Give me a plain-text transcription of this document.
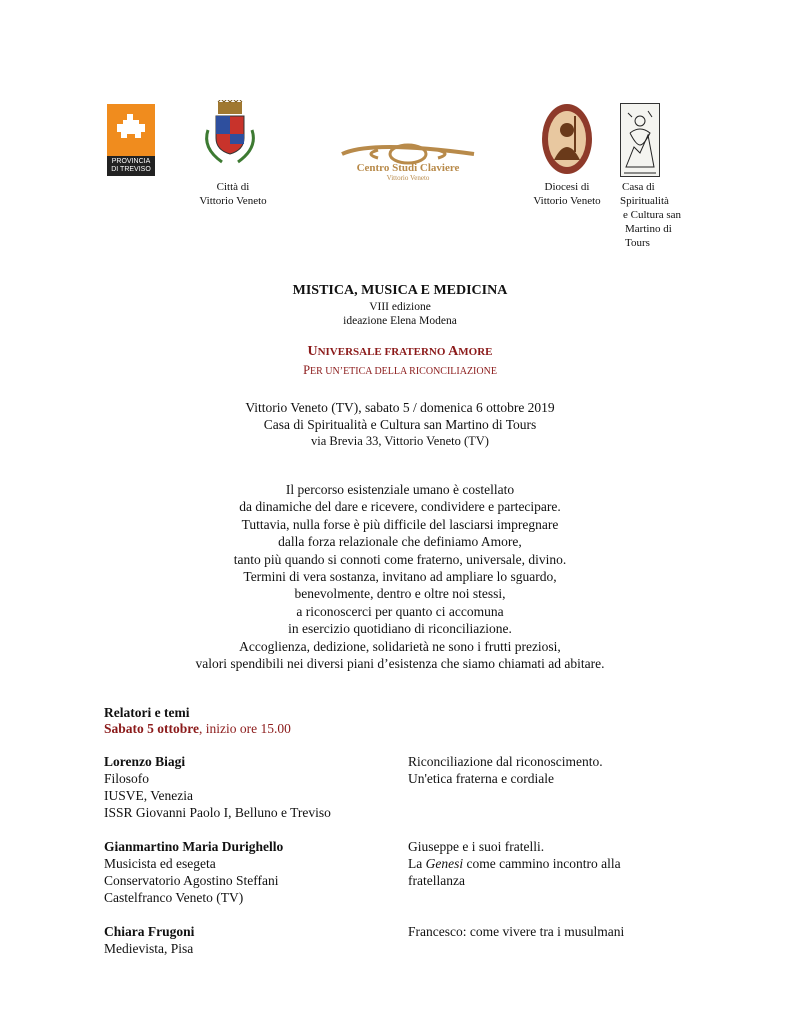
PROVINCIA
DI TREVISO
Città di
Vittorio Veneto
Centro Studi Claviere
Vittorio Veneto
Diocesi di
Vittorio Veneto
Casa di
Spiritualità
e Cultura san
Martino di
Tours
MISTICA, MUSICA E MEDICINA
VIII edizione
ideazione Elena Modena
UNIVERSALE FRATERNO AMORE
PER UN’ETICA DELLA RICONCILIAZIONE
Vittorio Veneto (TV), sabato 5 / domenica 6 ottobre 2019
Casa di Spiritualità e Cultura san Martino di Tours
via Brevia 33, Vittorio Veneto (TV)
Il percorso esistenziale umano è costellato
da dinamiche del dare e ricevere, condividere e partecipare.
Tuttavia, nulla forse è più difficile del lasciarsi impregnare
dalla forza relazionale che definiamo Amore,
tanto più quando si connoti come fraterno, universale, divino.
Termini di vera sostanza, invitano ad ampliare lo sguardo,
benevolmente, dentro e oltre noi stessi,
a riconoscerci per quanto ci accomuna
in esercizio quotidiano di riconciliazione.
Accoglienza, dedizione, solidarietà ne sono i frutti preziosi,
valori spendibili nei diversi piani d’esistenza che siamo chiamati ad abitare.
Relatori e temi
Sabato 5 ottobre, inizio ore 15.00
Lorenzo Biagi
Filosofo
IUSVE, Venezia
ISSR Giovanni Paolo I, Belluno e Treviso
Riconciliazione dal riconoscimento.
Un'etica fraterna e cordiale
Gianmartino Maria Durighello
Musicista ed esegeta
Conservatorio Agostino Steffani
Castelfranco Veneto (TV)
Giuseppe e i suoi fratelli.
La Genesi come cammino incontro alla
fratellanza
Chiara Frugoni
Medievista, Pisa
Francesco: come vivere tra i musulmani
